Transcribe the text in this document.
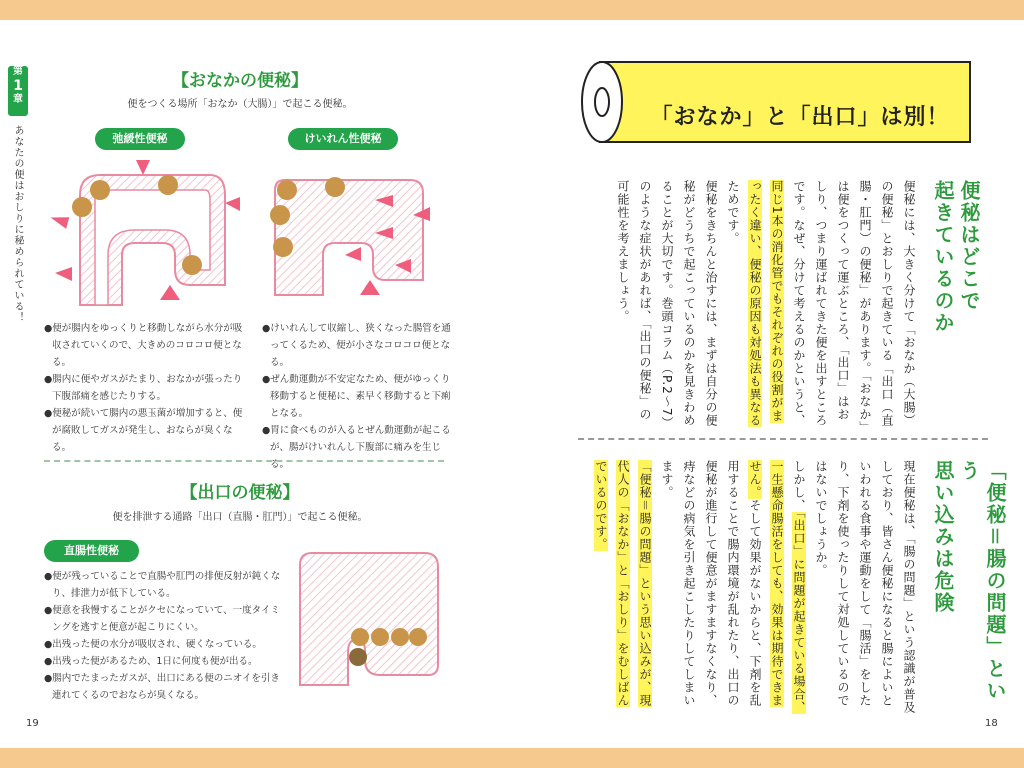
第
1
章
あなたの便はおしりに秘められている！
【おなかの便秘】
便をつくる場所「おなか（大腸）」で起こる便秘。
弛緩性便秘	けいれん性便秘

●便が腸内をゆっくりと移動しながら水分が吸収されていくので、大きめのコロコロ便となる。

●腸内に便やガスがたまり、おなかが張ったり下腹部痛を感じたりする。

●便秘が続いて腸内の悪玉菌が増加すると、便が腐敗してガスが発生し、おならが臭くなる。

●けいれんして収縮し、狭くなった腸管を通ってくるため、便が小さなコロコロ便となる。

●ぜん動運動が不安定なため、便がゆっくり移動すると便秘に、素早く移動すると下痢となる。

●胃に食べものが入るとぜん動運動が起こるが、腸がけいれんし下腹部に痛みを生じる。

【出口の便秘】
便を排泄する通路「出口（直腸・肛門）」で起こる便秘。
直腸性便秘

●便が残っていることで直腸や肛門の排便反射が鈍くなり、排泄力が低下している。

●便意を我慢することがクセになっていて、一度タイミングを逃すと便意が起こりにくい。

●出残った便の水分が吸収され、硬くなっている。

●出残った便があるため、1日に何度も便が出る。

●腸内でたまったガスが、出口にある便のニオイを引き連れてくるのでおならが臭くなる。

19
「おなか」と「出口」は別！
便秘はどこで
起きているのか
便秘には、大きく分けて「おなか（大腸）の便秘」とおしりで起きている「出口（直腸・肛門）の便秘」があります。「おなか」は便をつくって運ぶところ、「出口」はおしり、つまり運ばれてきた便を出すところです。なぜ、分けて考えるのかというと、同じ1本の消化管でもそれぞれの役割がまったく違い、便秘の原因も対処法も異なるためです。
便秘をきちんと治すには、まずは自分の便秘がどうちで起こっているのかを見きわめることが大切です。巻頭コラム（P.2〜7）のような症状があれば、「出口の便秘」の可能性を考えましょう。
「便秘＝腸の問題」という
思い込みは危険
現在便秘は、「腸の問題」という認識が普及しており、皆さん便秘になると腸によいといわれる食事や運動をして「腸活」をしたり、下剤を使ったりして対処しているのではないでしょうか。
しかし、「出口」に問題が起きている場合、一生懸命腸活をしても、効果は期待できません。そして効果がないからと、下剤を乱用することで腸内環境が乱れたり、出口の便秘が進行して便意がますますなくなり、痔などの病気を引き起こしたりしてしまいます。
「便秘＝腸の問題」という思い込みが、現代人の「おなか」と「おしり」をむしばんでいるのです。
18
